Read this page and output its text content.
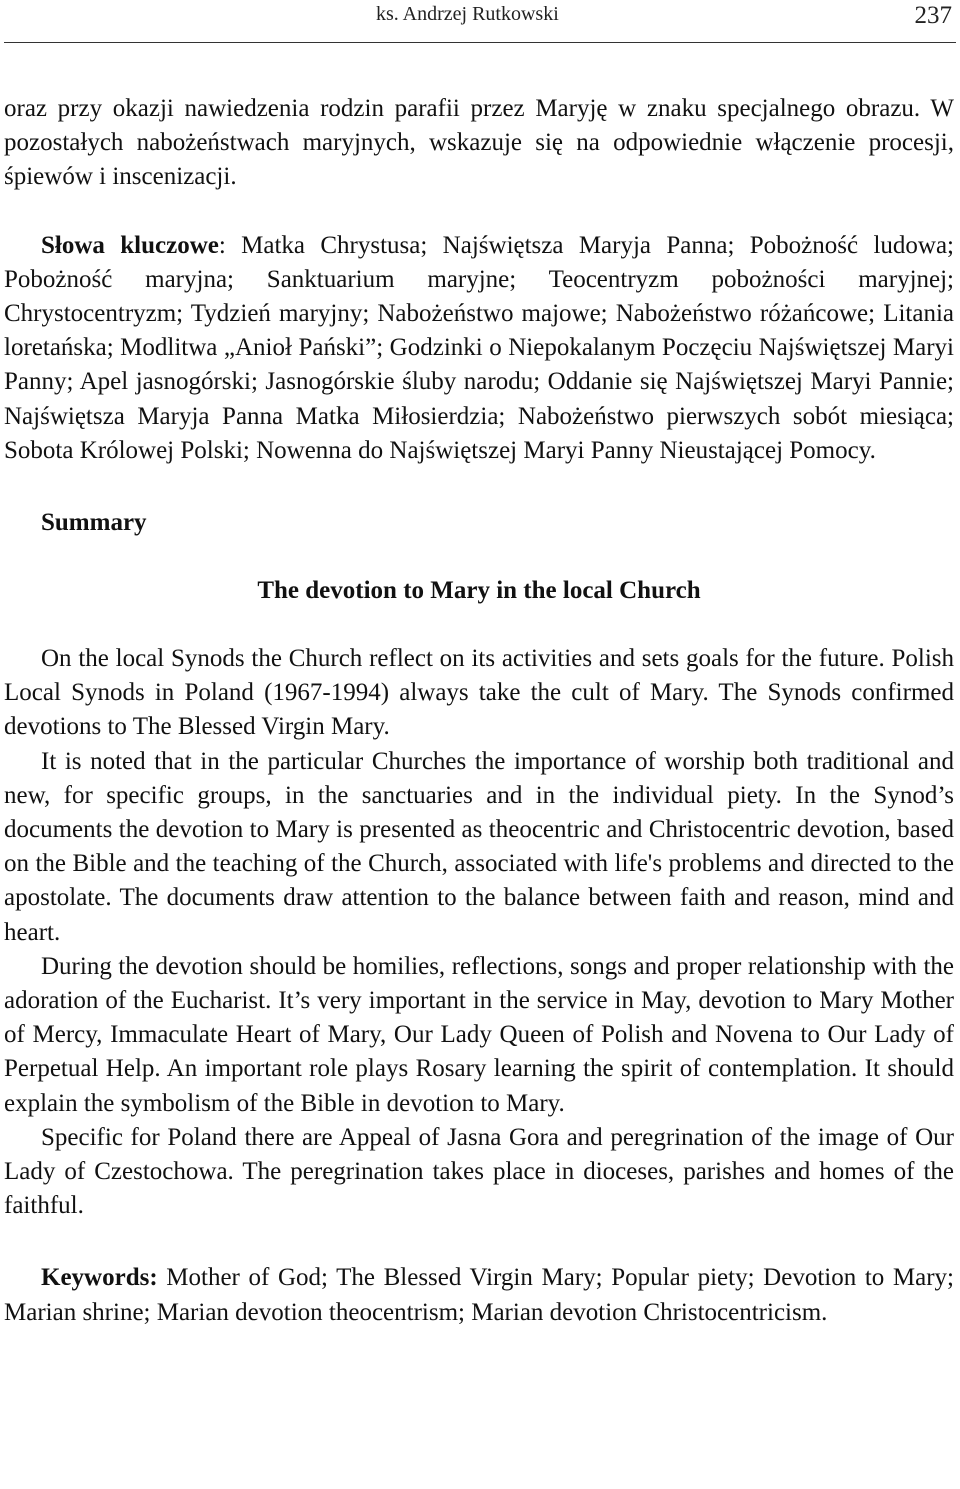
ks. Andrzej Rutkowski	237

oraz przy okazji nawiedzenia rodzin parafii przez Maryję w znaku specjalnego obrazu. W pozostałych nabożeństwach maryjnych, wskazuje się na odpowiednie włączenie procesji, śpiewów i inscenizacji.

Słowa kluczowe: Matka Chrystusa; Najświętsza Maryja Panna; Pobożność ludowa; Pobożność maryjna; Sanktuarium maryjne; Teocentryzm pobożności maryjnej; Chrystocentryzm; Tydzień maryjny; Nabożeństwo majowe; Nabożeństwo różańcowe; Litania loretańska; Modlitwa „Anioł Pański”; Godzinki o Niepokalanym Poczęciu Najświętszej Maryi Panny; Apel jasnogórski; Jasnogórskie śluby narodu; Oddanie się Najświętszej Maryi Pannie; Najświętsza Maryja Panna Matka Miłosierdzia; Nabożeństwo pierwszych sobót miesiąca; Sobota Królowej Polski; Nowenna do Najświętszej Maryi Panny Nieustającej Pomocy.

Summary
The devotion to Mary in the local Church

On the local Synods the Church reflect on its activities and sets goals for the future. Polish Local Synods in Poland (1967-1994) always take the cult of Mary. The Synods confirmed devotions to The Blessed Virgin Mary.

It is noted that in the particular Churches the importance of worship both traditional and new, for specific groups, in the sanctuaries and in the individual piety. In the Synod’s documents the devotion to Mary is presented as theocentric and Christocentric devotion, based on the Bible and the teaching of the Church, associated with life's problems and directed to the apostolate. The documents draw attention to the balance between faith and reason, mind and heart.

During the devotion should be homilies, reflections, songs and proper relationship with the adoration of the Eucharist. It’s very important in the service in May, devotion to Mary Mother of Mercy, Immaculate Heart of Mary, Our Lady Queen of Polish and Novena to Our Lady of Perpetual Help. An important role plays Rosary learning the spirit of contemplation. It should explain the symbolism of the Bible in devotion to Mary.

Specific for Poland there are Appeal of Jasna Gora and peregrination of the image of Our Lady of Czestochowa. The peregrination takes place in dioceses, parishes and homes of the faithful.

Keywords: Mother of God; The Blessed Virgin Mary; Popular piety; Devotion to Mary; Marian shrine; Marian devotion theocentrism; Marian devotion Christocentricism.
